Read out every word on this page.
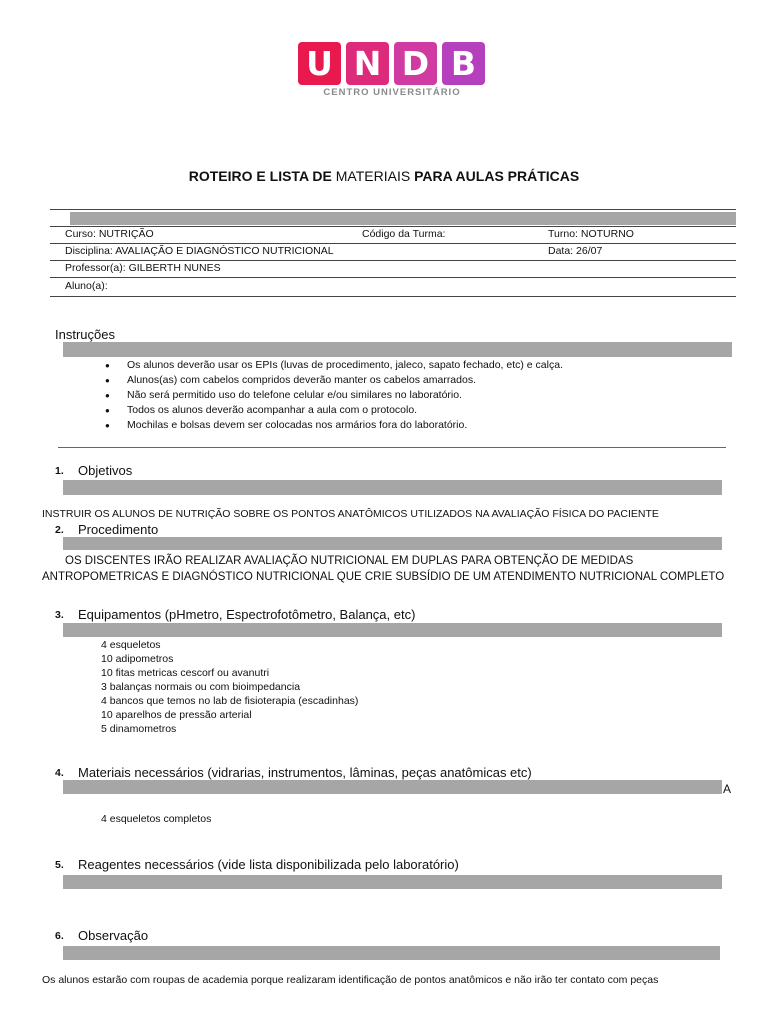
U N D B
CENTRO UNIVERSITÁRIO
ROTEIRO E LISTA DE MATERIAIS PARA AULAS PRÁTICAS
Curso: NUTRIÇÃO	Código da Turma:	Turno: NOTURNO
Disciplina: AVALIAÇÃO E DIAGNÓSTICO NUTRICIONAL	Data: 26/07
Professor(a): GILBERTH NUNES
Aluno(a):
Instruções
● Os alunos deverão usar os EPIs (luvas de procedimento, jaleco, sapato fechado, etc) e calça.
● Alunos(as) com cabelos compridos deverão manter os cabelos amarrados.
● Não será permitido uso do telefone celular e/ou similares no laboratório.
● Todos os alunos deverão acompanhar a aula com o protocolo.
● Mochilas e bolsas devem ser colocadas nos armários fora do laboratório.
1. Objetivos
INSTRUIR OS ALUNOS DE NUTRIÇÃO SOBRE OS PONTOS ANATÔMICOS UTILIZADOS NA AVALIAÇÃO FÍSICA DO PACIENTE
2. Procedimento
OS DISCENTES IRÃO REALIZAR AVALIAÇÃO NUTRICIONAL EM DUPLAS PARA OBTENÇÃO DE MEDIDAS
ANTROPOMETRICAS E DIAGNÓSTICO NUTRICIONAL QUE CRIE SUBSÍDIO DE UM ATENDIMENTO NUTRICIONAL COMPLETO
3. Equipamentos (pHmetro, Espectrofotômetro, Balança, etc)
4 esqueletos
10 adipometros
10 fitas metricas cescorf ou avanutri
3 balanças normais ou com bioimpedancia
4 bancos que temos no lab de fisioterapia (escadinhas)
10 aparelhos de pressão arterial
5 dinamometros
4. Materiais necessários (vidrarias, instrumentos, lâminas, peças anatômicas etc)
A
4 esqueletos completos
5. Reagentes necessários (vide lista disponibilizada pelo laboratório)
6. Observação
Os alunos estarão com roupas de academia porque realizaram identificação de pontos anatômicos e não irão ter contato com peças
